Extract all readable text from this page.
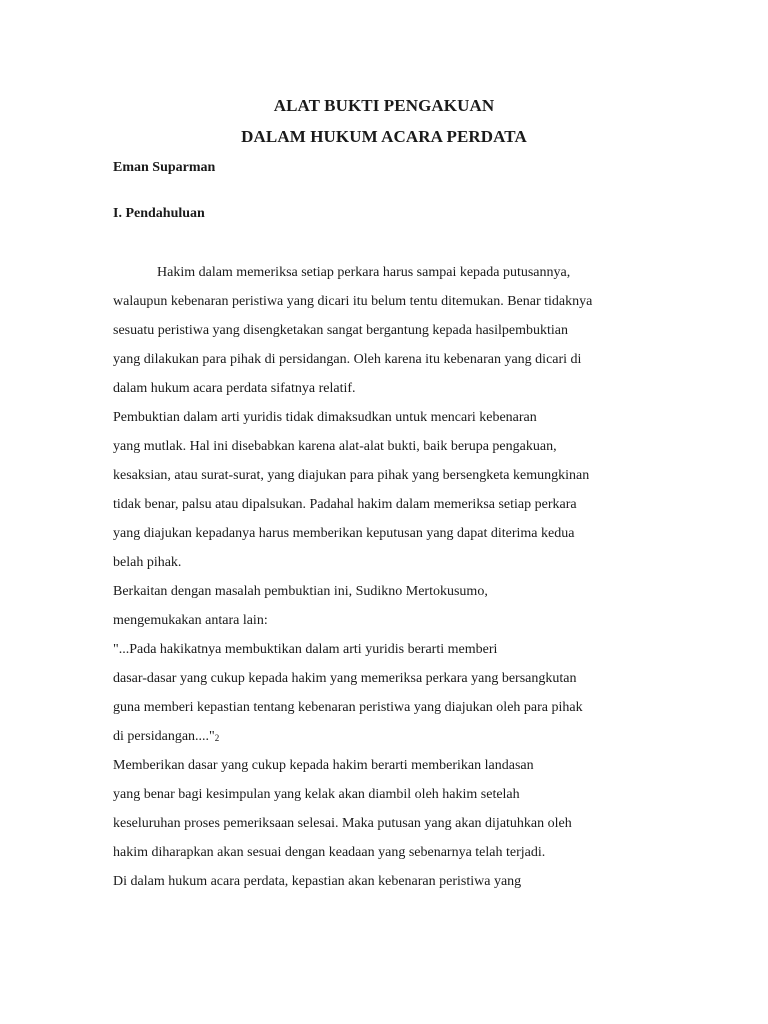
ALAT BUKTI PENGAKUAN
DALAM HUKUM ACARA PERDATA
Eman Suparman
I. Pendahuluan
Hakim dalam memeriksa setiap perkara harus sampai kepada putusannya,
walaupun kebenaran peristiwa yang dicari itu belum tentu ditemukan. Benar tidaknya
sesuatu peristiwa yang disengketakan sangat bergantung kepada hasilpembuktian
yang dilakukan para pihak di persidangan. Oleh karena itu kebenaran yang dicari di
dalam hukum acara perdata sifatnya relatif.
Pembuktian dalam arti yuridis tidak dimaksudkan untuk mencari kebenaran
yang mutlak. Hal ini disebabkan karena alat-alat bukti, baik berupa pengakuan,
kesaksian, atau surat-surat, yang diajukan para pihak yang bersengketa kemungkinan
tidak benar, palsu atau dipalsukan. Padahal hakim dalam memeriksa setiap perkara
yang diajukan kepadanya harus memberikan keputusan yang dapat diterima kedua
belah pihak.
Berkaitan dengan masalah pembuktian ini, Sudikno Mertokusumo,
mengemukakan antara lain:
"...Pada hakikatnya membuktikan dalam arti yuridis berarti memberi
dasar-dasar yang cukup kepada hakim yang memeriksa perkara yang bersangkutan
guna memberi kepastian tentang kebenaran peristiwa yang diajukan oleh para pihak
di $persidangan...."_2$
Memberikan dasar yang cukup kepada hakim berarti memberikan landasan
yang benar bagi kesimpulan yang kelak akan diambil oleh hakim setelah
keseluruhan proses pemeriksaan selesai. Maka putusan yang akan dijatuhkan oleh
hakim diharapkan akan sesuai dengan keadaan yang sebenarnya telah terjadi.
Di dalam hukum acara perdata, kepastian akan kebenaran peristiwa yang
